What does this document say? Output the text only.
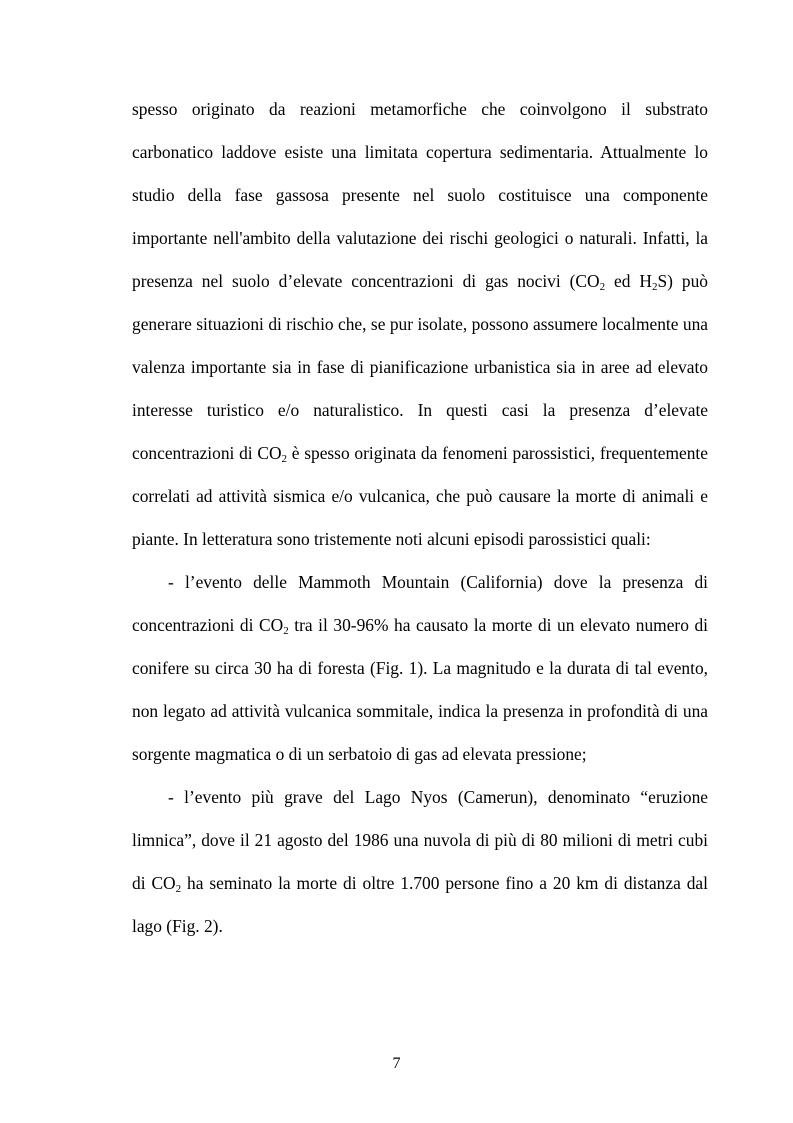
spesso originato da reazioni metamorfiche che coinvolgono il substrato carbonatico laddove esiste una limitata copertura sedimentaria. Attualmente lo studio della fase gassosa presente nel suolo costituisce una componente importante nell'ambito della valutazione dei rischi geologici o naturali. Infatti, la presenza nel suolo d’elevate concentrazioni di gas nocivi ($CO_2$ ed $H_2S$) può generare situazioni di rischio che, se pur isolate, possono assumere localmente una valenza importante sia in fase di pianificazione urbanistica sia in aree ad elevato interesse turistico e/o naturalistico. In questi casi la presenza d’elevate concentrazioni di $CO_2$ è spesso originata da fenomeni parossistici, frequentemente correlati ad attività sismica e/o vulcanica, che può causare la morte di animali e piante. In letteratura sono tristemente noti alcuni episodi parossistici quali:

- l’evento delle Mammoth Mountain (California) dove la presenza di concentrazioni di $CO_2$ tra il 30-96% ha causato la morte di un elevato numero di conifere su circa 30 ha di foresta (Fig. 1). La magnitudo e la durata di tal evento, non legato ad attività vulcanica sommitale, indica la presenza in profondità di una sorgente magmatica o di un serbatoio di gas ad elevata pressione;

- l’evento più grave del Lago Nyos (Camerun), denominato “eruzione limnica”, dove il 21 agosto del 1986 una nuvola di più di 80 milioni di metri cubi di $CO_2$ ha seminato la morte di oltre 1.700 persone fino a 20 km di distanza dal lago (Fig. 2).

7
